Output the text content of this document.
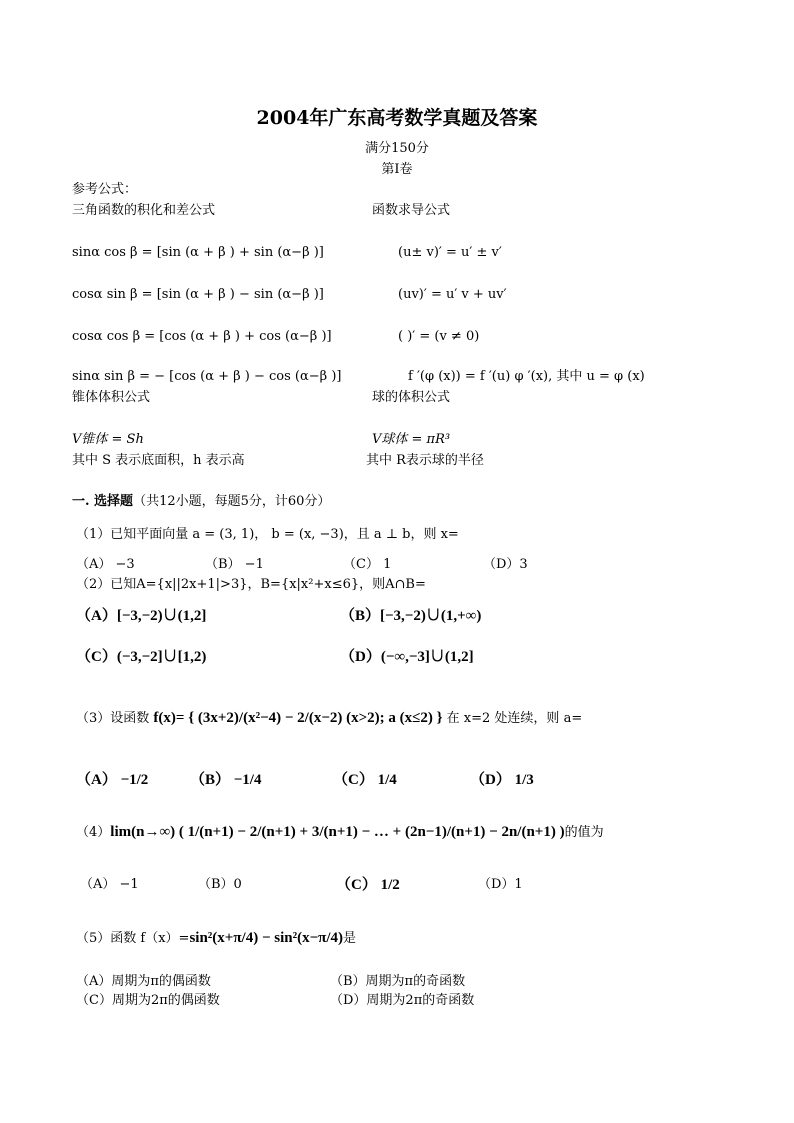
2004年广东高考数学真题及答案
满分150分
第Ⅰ卷
参考公式：
三角函数的积化和差公式	函数求导公式
sinα cos β = [sin (α + β ) + sin (α−β )]	(u± v)′ = u′ ± v′
cosα sin β = [sin (α + β ) − sin (α−β )]	(uv)′ = u′ v + uv′
cosα cos β = [cos (α + β ) + cos (α−β )]	( )′ = (v ≠ 0)
sinα sin β = − [cos (α + β ) − cos (α−β )]	f ′(φ (x)) = f ′(u) φ ′(x), 其中 u = φ (x)
锥体体积公式	球的体积公式
V锥体 = Sh	V球体 = πR³
其中 S 表示底面积，h 表示高	其中 R表示球的半径
一. 选择题（共12小题，每题5分，计60分）
（1）已知平面向量 a = (3, 1)， b = (x, −3)，且 a ⊥ b，则 x=
（A） −3	（B） −1	（C） 1	（D）3
（2）已知A={x||2x+1|>3}，B={x|x²+x≤6}，则A∩B=
（A）[−3,−2)∪(1,2]	（B）[−3,−2)∪(1,+∞)
（C）(−3,−2]∪[1,2)	（D）(−∞,−3]∪(1,2]
（3）设函数 f(x)= { (3x+2)/(x²−4) − 2/(x−2) (x>2); a (x≤2) } 在 x=2 处连续，则 a=
（A） −1/2	（B） −1/4	（C） 1/4	（D） 1/3
（4）lim(n→∞) ( 1/(n+1) − 2/(n+1) + 3/(n+1) − … + (2n−1)/(n+1) − 2n/(n+1) )的值为
（A） −1	（B）0	（C） 1/2	（D）1
（5）函数 f（x）=sin²(x+π/4) − sin²(x−π/4)是
（A）周期为π的偶函数	（B）周期为π的奇函数
（C）周期为2π的偶函数	（D）周期为2π的奇函数
